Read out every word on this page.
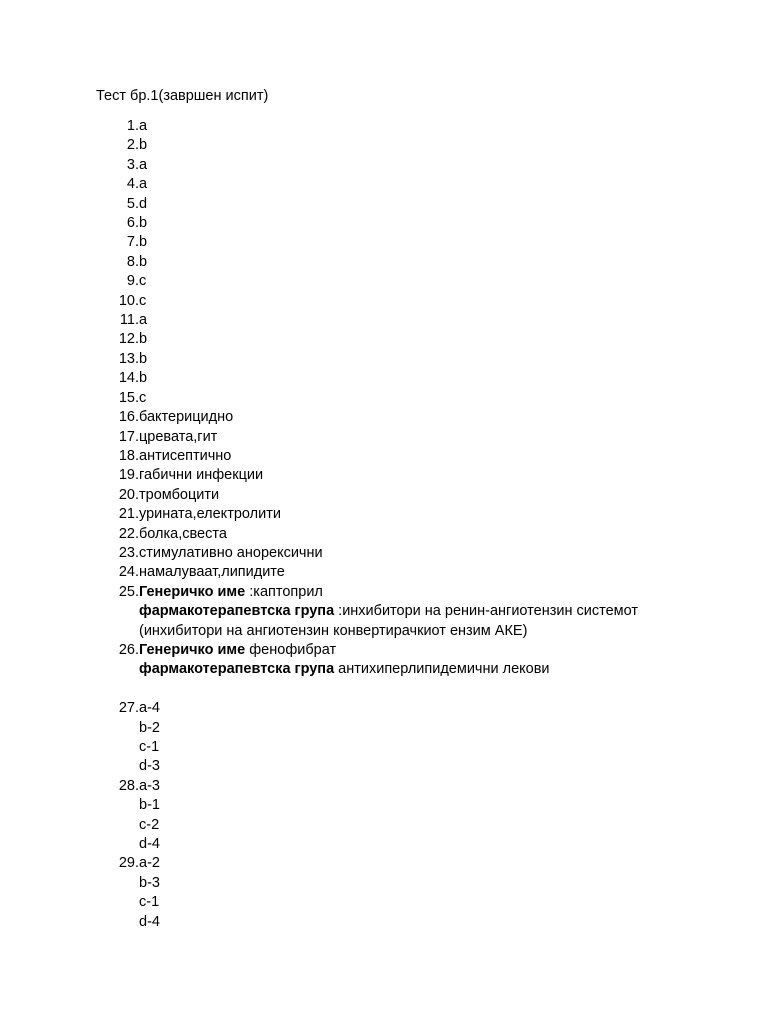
Тест бр.1(завршен испит)
1. a
2. b
3. a
4. a
5. d
6. b
7. b
8. b
9. c
10. c
11. a
12. b
13. b
14. b
15. c
16. бактерицидно
17. цревата,гит
18. антисептично
19. габични инфекции
20. тромбоцити
21. урината,електролити
22. болка,свеста
23. стимулативно анорексични
24. намалуваат,липидите
25. Генеричко име :каптоприл
фармакотерапевтска група :инхибитори на ренин-ангиотензин системот
(инхибитори на ангиотензин конвертирачкиот ензим АКЕ)
26. Генеричко име фенофибрат
фармакотерапевтска група антихиперлипидемични лекови
27. a-4
b-2
c-1
d-3
28. a-3
b-1
c-2
d-4
29. a-2
b-3
c-1
d-4
